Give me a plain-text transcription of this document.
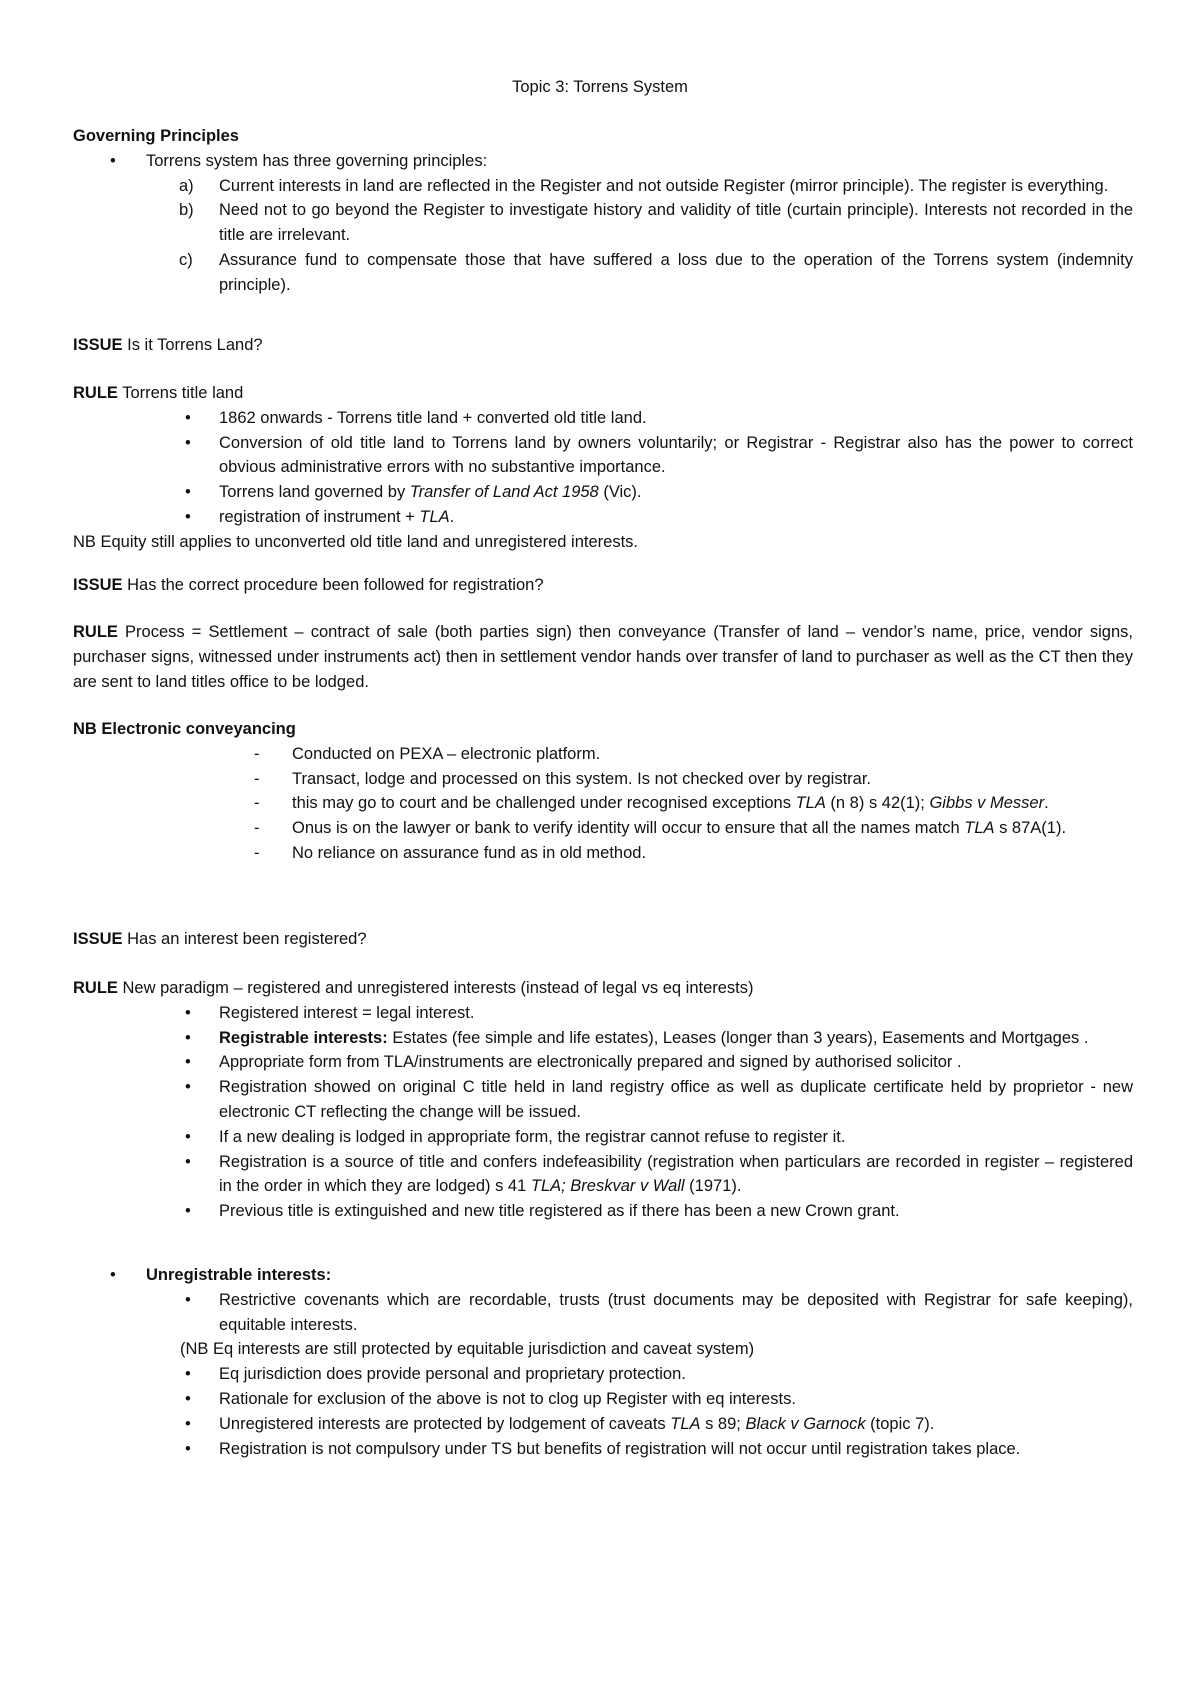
Topic 3: Torrens System

Governing Principles

• Torrens system has three governing principles:
a) Current interests in land are reflected in the Register and not outside Register (mirror principle). The register is everything.
b) Need not to go beyond the Register to investigate history and validity of title (curtain principle). Interests not recorded in the title are irrelevant.
c) Assurance fund to compensate those that have suffered a loss due to the operation of the Torrens system (indemnity principle).

ISSUE Is it Torrens Land?

RULE Torrens title land

• 1862 onwards - Torrens title land + converted old title land.
• Conversion of old title land to Torrens land by owners voluntarily; or Registrar - Registrar also has the power to correct obvious administrative errors with no substantive importance.
• Torrens land governed by Transfer of Land Act 1958 (Vic).
• registration of instrument + TLA.

NB Equity still applies to unconverted old title land and unregistered interests.

ISSUE Has the correct procedure been followed for registration?

RULE Process = Settlement – contract of sale (both parties sign) then conveyance (Transfer of land – vendor’s name, price, vendor signs, purchaser signs, witnessed under instruments act) then in settlement vendor hands over transfer of land to purchaser as well as the CT then they are sent to land titles office to be lodged.

NB Electronic conveyancing

- Conducted on PEXA – electronic platform.
- Transact, lodge and processed on this system. Is not checked over by registrar.
- this may go to court and be challenged under recognised exceptions TLA (n 8) s 42(1); Gibbs v Messer.
- Onus is on the lawyer or bank to verify identity will occur to ensure that all the names match TLA s 87A(1).
- No reliance on assurance fund as in old method.

ISSUE Has an interest been registered?

RULE New paradigm – registered and unregistered interests (instead of legal vs eq interests)

• Registered interest = legal interest.
• Registrable interests: Estates (fee simple and life estates), Leases (longer than 3 years), Easements and Mortgages .
• Appropriate form from TLA/instruments are electronically prepared and signed by authorised solicitor .
• Registration showed on original C title held in land registry office as well as duplicate certificate held by proprietor - new electronic CT reflecting the change will be issued.
• If a new dealing is lodged in appropriate form, the registrar cannot refuse to register it.
• Registration is a source of title and confers indefeasibility (registration when particulars are recorded in register – registered in the order in which they are lodged) s 41 TLA; Breskvar v Wall (1971).
• Previous title is extinguished and new title registered as if there has been a new Crown grant.
• Unregistrable interests:
• Restrictive covenants which are recordable, trusts (trust documents may be deposited with Registrar for safe keeping), equitable interests.

(NB Eq interests are still protected by equitable jurisdiction and caveat system)

• Eq jurisdiction does provide personal and proprietary protection.
• Rationale for exclusion of the above is not to clog up Register with eq interests.
• Unregistered interests are protected by lodgement of caveats TLA s 89; Black v Garnock (topic 7).
• Registration is not compulsory under TS but benefits of registration will not occur until registration takes place.
